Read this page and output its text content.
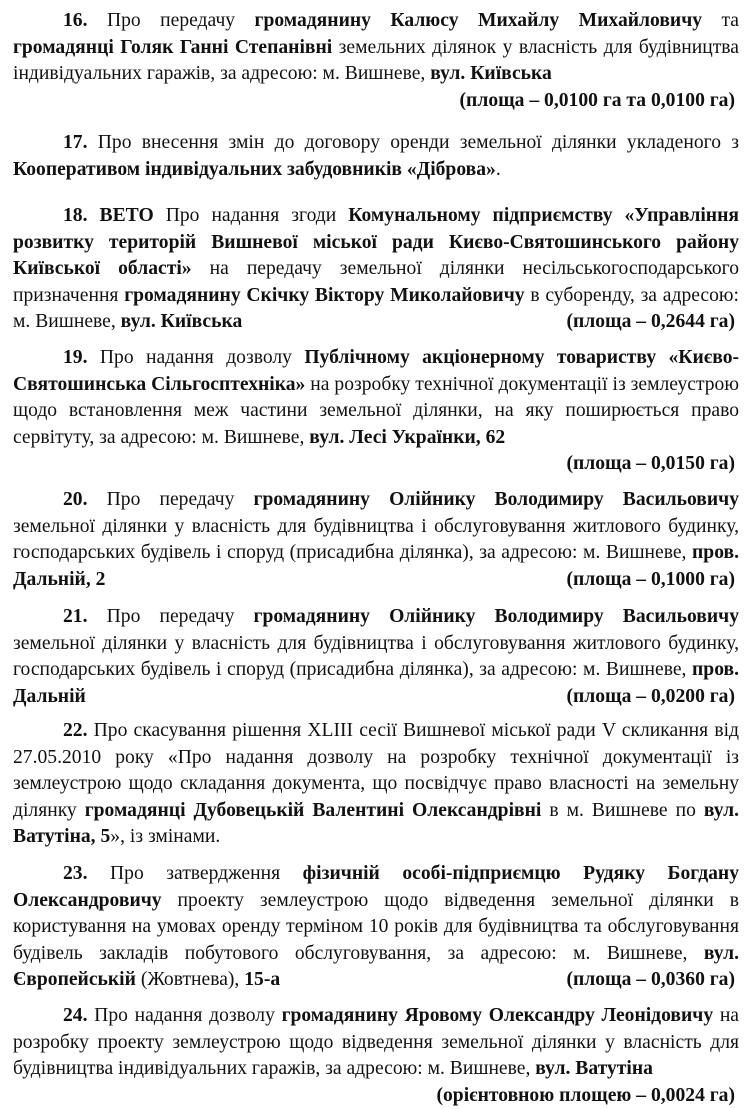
16. Про передачу громадянину Калюсу Михайлу Михайловичу та громадянці Голяк Ганні Степанівні земельних ділянок у власність для будівництва індивідуальних гаражів, за адресою: м. Вишневе, вул. Київська

(площа – 0,0100 га та 0,0100 га)

17. Про внесення змін до договору оренди земельної ділянки укладеного з Кооперативом індивідуальних забудовників «Діброва».

18. ВЕТО Про надання згоди Комунальному підприємству «Управління розвитку територій Вишневої міської ради Києво-Святошинського району Київської області» на передачу земельної ділянки несільськогосподарського призначення громадянину Скічку Віктору Миколайовичу в суборенду, за адресою: м. Вишневе, вул. Київська	(площа – 0,2644 га)

19. Про надання дозволу Публічному акціонерному товариству «Києво-Святошинська Сільгосптехніка» на розробку технічної документації із землеустрою щодо встановлення меж частини земельної ділянки, на яку поширюється право сервітуту, за адресою: м. Вишневе, вул. Лесі Українки, 62

(площа – 0,0150 га)

20. Про передачу громадянину Олійнику Володимиру Васильовичу земельної ділянки у власність для будівництва і обслуговування житлового будинку, господарських будівель і споруд (присадибна ділянка), за адресою: м. Вишневе, пров. Дальній, 2	(площа – 0,1000 га)

21. Про передачу громадянину Олійнику Володимиру Васильовичу земельної ділянки у власність для будівництва і обслуговування житлового будинку, господарських будівель і споруд (присадибна ділянка), за адресою: м. Вишневе, пров. Дальній	(площа – 0,0200 га)

22. Про скасування рішення XLIII сесії Вишневої міської ради V скликання від 27.05.2010 року «Про надання дозволу на розробку технічної документації із землеустрою щодо складання документа, що посвідчує право власності на земельну ділянку громадянці Дубовецькій Валентині Олександрівні в м. Вишневе по вул. Ватутіна, 5», із змінами.

23. Про затвердження фізичній особі-підприємцю Рудяку Богдану Олександровичу проекту землеустрою щодо відведення земельної ділянки в користування на умовах оренду терміном 10 років для будівництва та обслуговування будівель закладів побутового обслуговування, за адресою: м. Вишневе, вул. Європейській (Жовтнева), 15-а	(площа – 0,0360 га)

24. Про надання дозволу громадянину Яровому Олександру Леонідовичу на розробку проекту землеустрою щодо відведення земельної ділянки у власність для будівництва індивідуальних гаражів, за адресою: м. Вишневе, вул. Ватутіна

(орієнтовною площею – 0,0024 га)
